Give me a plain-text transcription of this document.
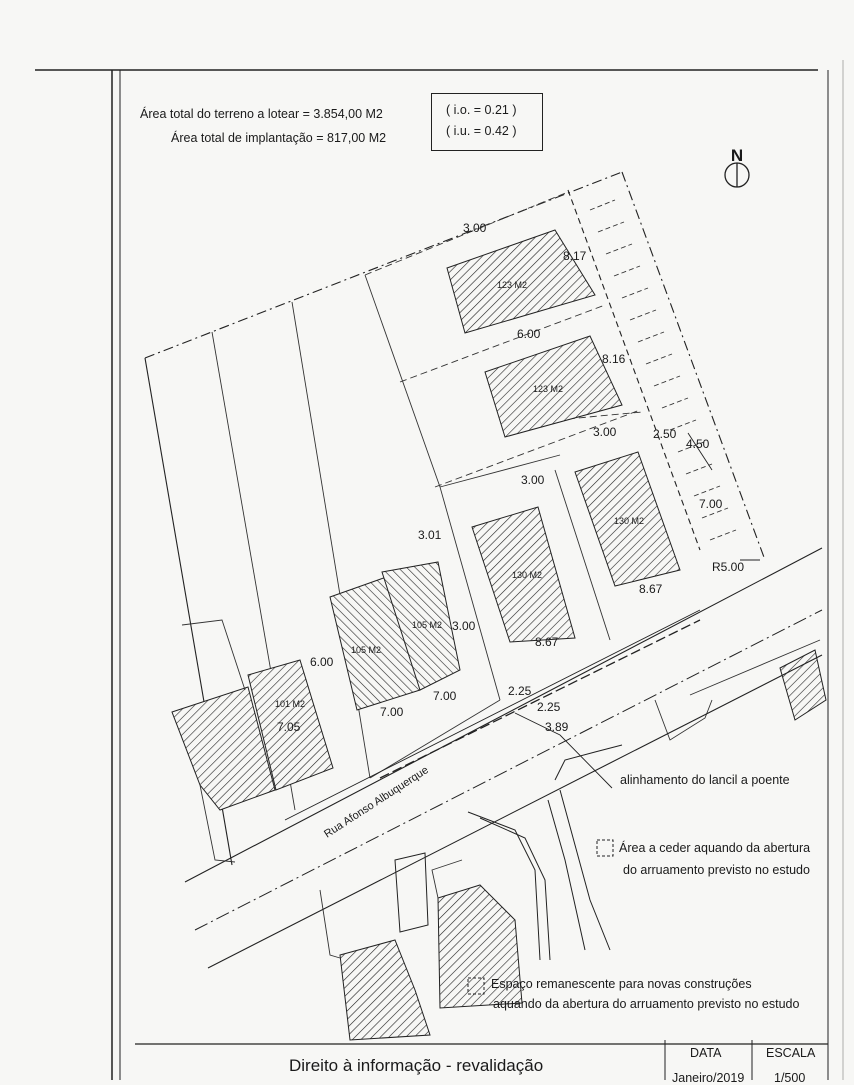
N
123 M2
123 M2
130 M2
130 M2
105 M2
105 M2
101 M2
3.00
8.17
6.00
8.16
3.00	2.50
4.50
3.00
7.00
3.01
R5.00
8.67
8.67
3.00
6.00
7.05
7.00
7.00	2.25
2.25
3.89
Rua Afonso Albuquerque	alinhamento do lancil a poente
Área a ceder aquando da abertura
do arruamento previsto no estudo
Espaço remanescente para novas construções
aquando da abertura do arruamento previsto no estudo
Área total do terreno a lotear = 3.854,00 M2
Área total de implantação = 817,00 M2
( i.o. = 0.21 )
( i.u. = 0.42 )
Direito à informação - revalidação
DATA	ESCALA
Janeiro/2019 1/500
